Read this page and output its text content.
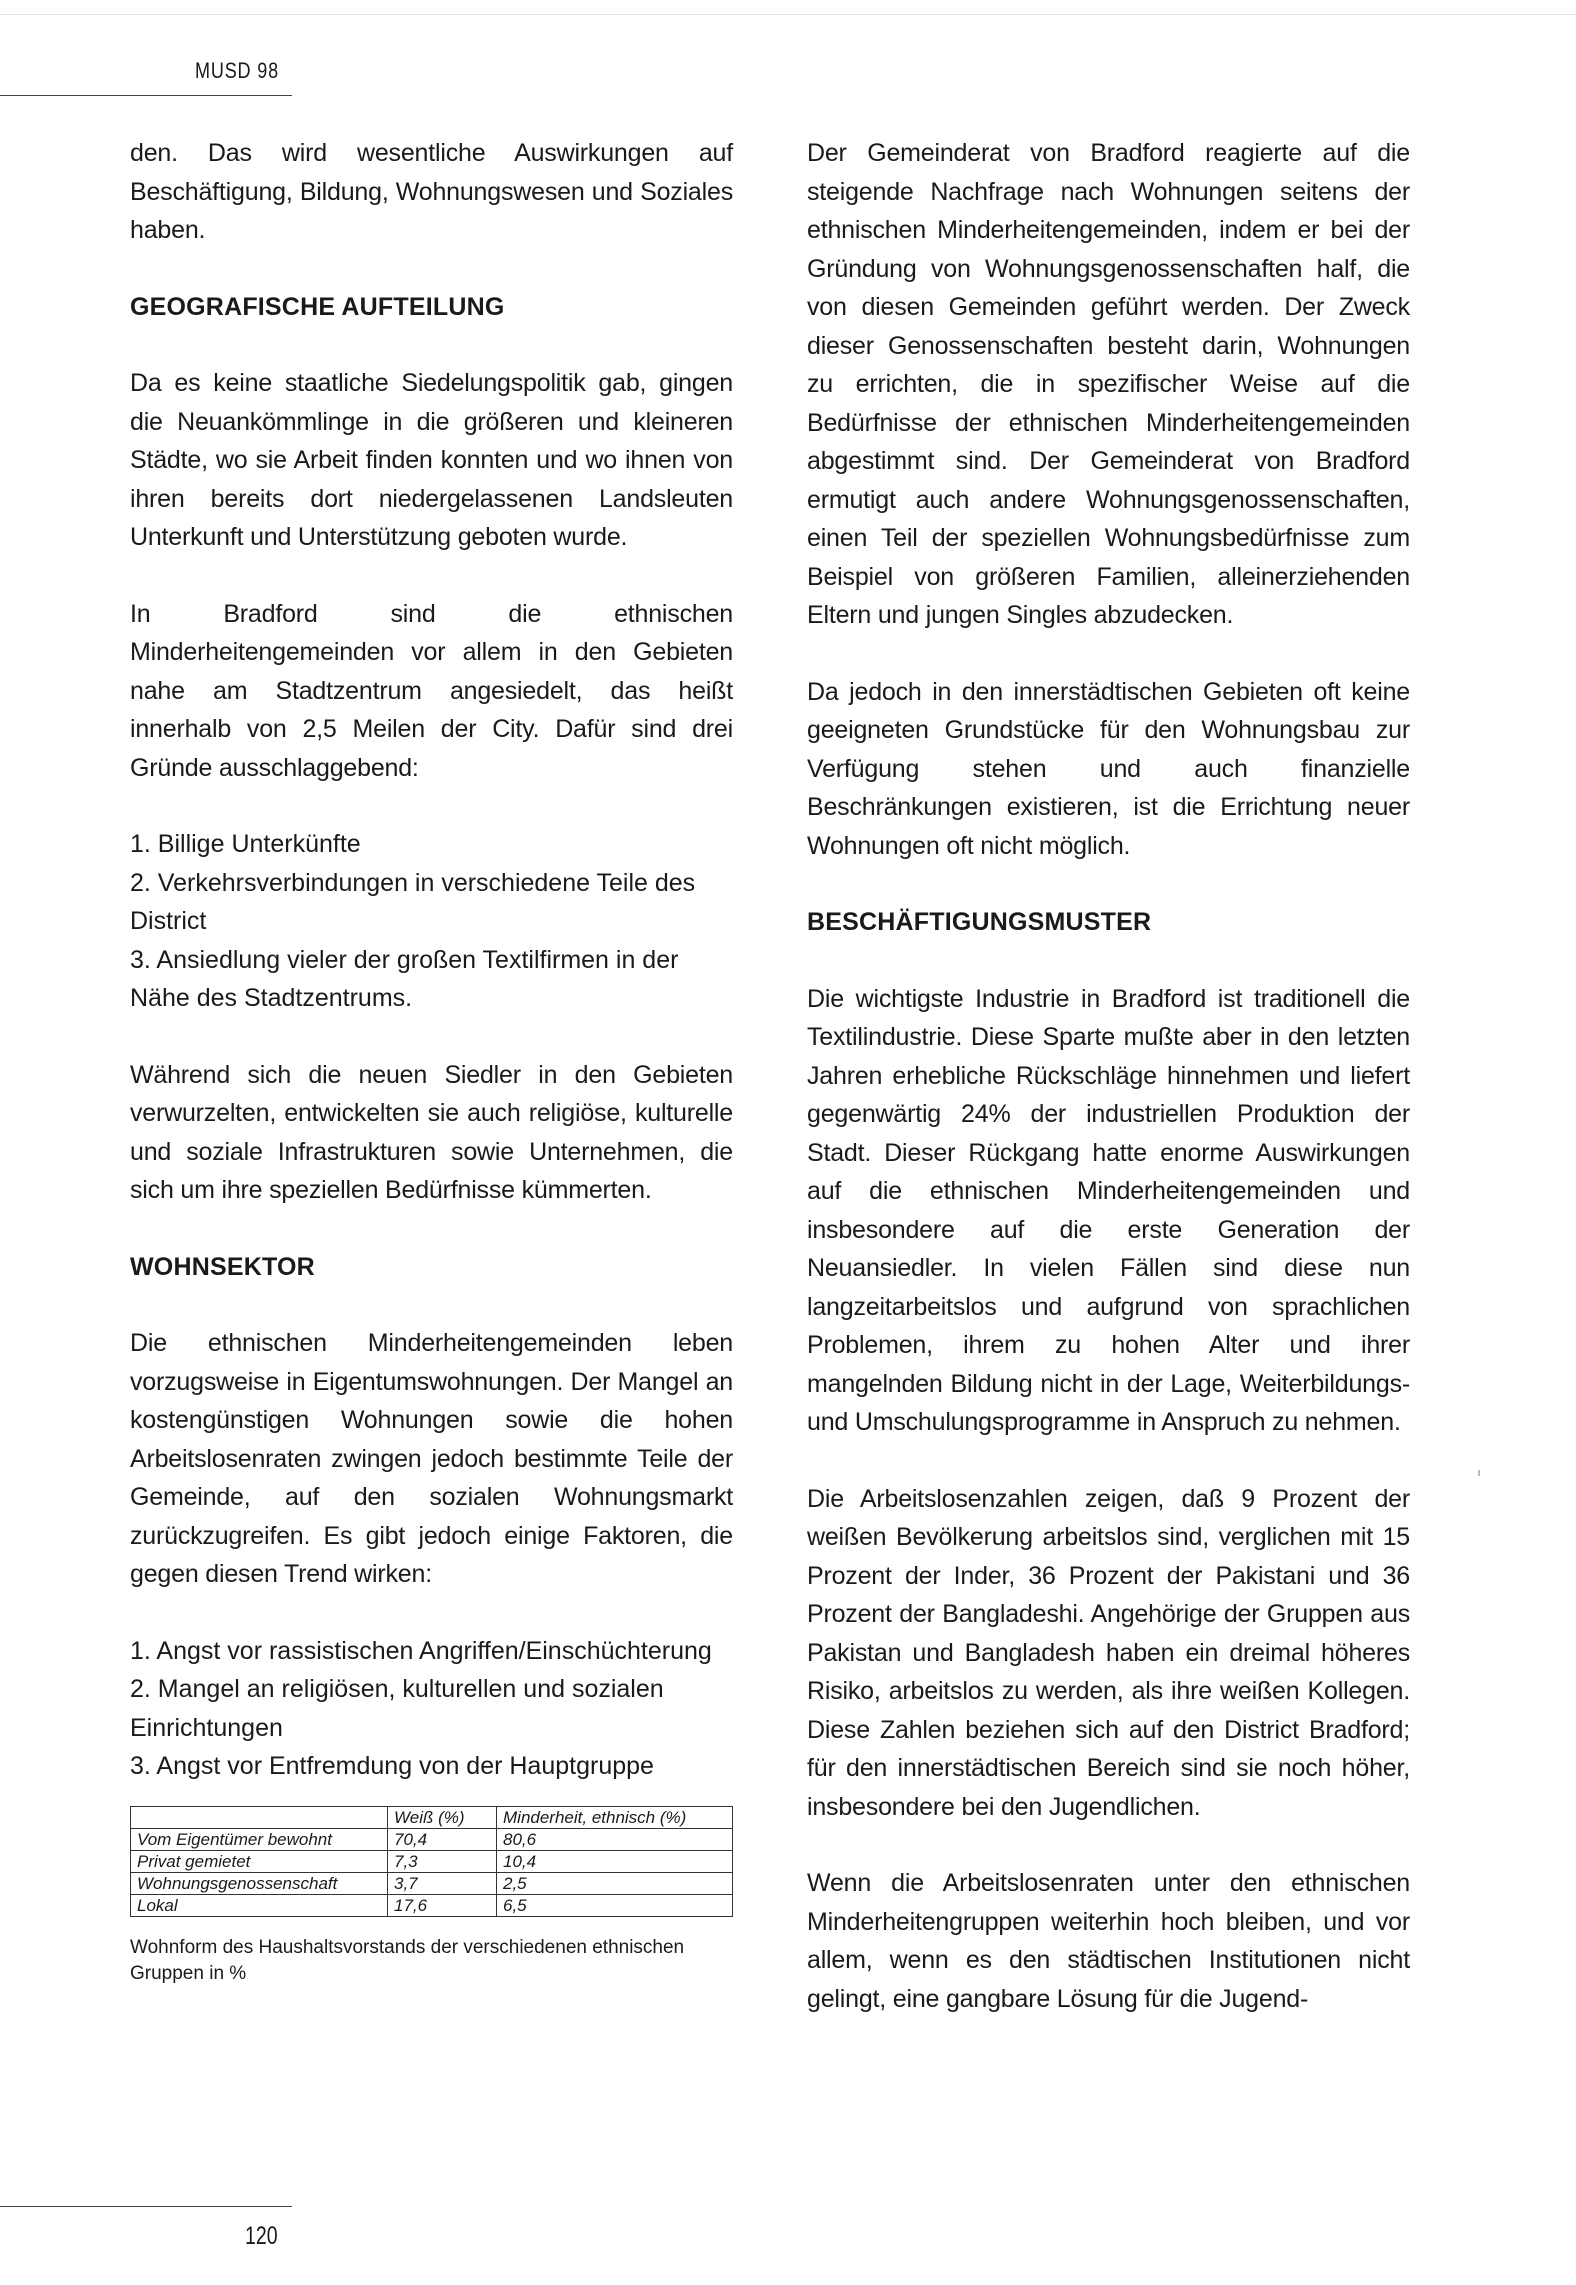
MUSD 98

den. Das wird wesentliche Auswirkungen auf Beschäftigung, Bildung, Wohnungswesen und Soziales haben.

GEOGRAFISCHE AUFTEILUNG

Da es keine staatliche Siedelungspolitik gab, gingen die Neuankömmlinge in die größeren und kleineren Städte, wo sie Arbeit finden konnten und wo ihnen von ihren bereits dort niedergelassenen Landsleuten Unterkunft und Unterstützung geboten wurde.

In Bradford sind die ethnischen Minderheitengemeinden vor allem in den Gebieten nahe am Stadtzentrum angesiedelt, das heißt innerhalb von 2,5 Meilen der City. Dafür sind drei Gründe ausschlaggebend:

1. Billige Unterkünfte
2. Verkehrsverbindungen in verschiedene Teile des District
3. Ansiedlung vieler der großen Textilfirmen in der Nähe des Stadtzentrums.

Während sich die neuen Siedler in den Gebieten verwurzelten, entwickelten sie auch religiöse, kulturelle und soziale Infrastrukturen sowie Unternehmen, die sich um ihre speziellen Bedürfnisse kümmerten.

WOHNSEKTOR

Die ethnischen Minderheitengemeinden leben vorzugsweise in Eigentumswohnungen. Der Mangel an kostengünstigen Wohnungen sowie die hohen Arbeitslosenraten zwingen jedoch bestimmte Teile der Gemeinde, auf den sozialen Wohnungsmarkt zurückzugreifen. Es gibt jedoch einige Faktoren, die gegen diesen Trend wirken:

1. Angst vor rassistischen Angriffen/Einschüchterung
2. Mangel an religiösen, kulturellen und sozialen Einrichtungen
3. Angst vor Entfremdung von der Hauptgruppe
	Weiß (%)	Minderheit, ethnisch (%)
Vom Eigentümer bewohnt	70,4	80,6
Privat gemietet	7,3	10,4
Wohnungsgenossenschaft	3,7	2,5
Lokal	17,6	6,5
Wohnform des Haushaltsvorstands der verschiedenen ethnischen Gruppen in %

Der Gemeinderat von Bradford reagierte auf die steigende Nachfrage nach Wohnungen seitens der ethnischen Minderheitengemeinden, indem er bei der Gründung von Wohnungsgenossenschaften half, die von diesen Gemeinden geführt werden. Der Zweck dieser Genossenschaften besteht darin, Wohnungen zu errichten, die in spezifischer Weise auf die Bedürfnisse der ethnischen Minderheitengemeinden abgestimmt sind. Der Gemeinderat von Bradford ermutigt auch andere Wohnungsgenossenschaften, einen Teil der speziellen Wohnungsbedürfnisse zum Beispiel von größeren Familien, alleinerziehenden Eltern und jungen Singles abzudecken.

Da jedoch in den innerstädtischen Gebieten oft keine geeigneten Grundstücke für den Wohnungsbau zur Verfügung stehen und auch finanzielle Beschränkungen existieren, ist die Errichtung neuer Wohnungen oft nicht möglich.

BESCHÄFTIGUNGSMUSTER

Die wichtigste Industrie in Bradford ist traditionell die Textilindustrie. Diese Sparte mußte aber in den letzten Jahren erhebliche Rückschläge hinnehmen und liefert gegenwärtig 24% der industriellen Produktion der Stadt. Dieser Rückgang hatte enorme Auswirkungen auf die ethnischen Minderheitengemeinden und insbesondere auf die erste Generation der Neuansiedler. In vielen Fällen sind diese nun langzeitarbeitslos und aufgrund von sprachlichen Problemen, ihrem zu hohen Alter und ihrer mangelnden Bildung nicht in der Lage, Weiterbildungs- und Umschulungsprogramme in Anspruch zu nehmen.

Die Arbeitslosenzahlen zeigen, daß 9 Prozent der weißen Bevölkerung arbeitslos sind, verglichen mit 15 Prozent der Inder, 36 Prozent der Pakistani und 36 Prozent der Bangladeshi. Angehörige der Gruppen aus Pakistan und Bangladesh haben ein dreimal höheres Risiko, arbeitslos zu werden, als ihre weißen Kollegen. Diese Zahlen beziehen sich auf den District Bradford; für den innerstädtischen Bereich sind sie noch höher, insbesondere bei den Jugendlichen.

Wenn die Arbeitslosenraten unter den ethnischen Minderheitengruppen weiterhin hoch bleiben, und vor allem, wenn es den städtischen Institutionen nicht gelingt, eine gangbare Lösung für die Jugend-

120
